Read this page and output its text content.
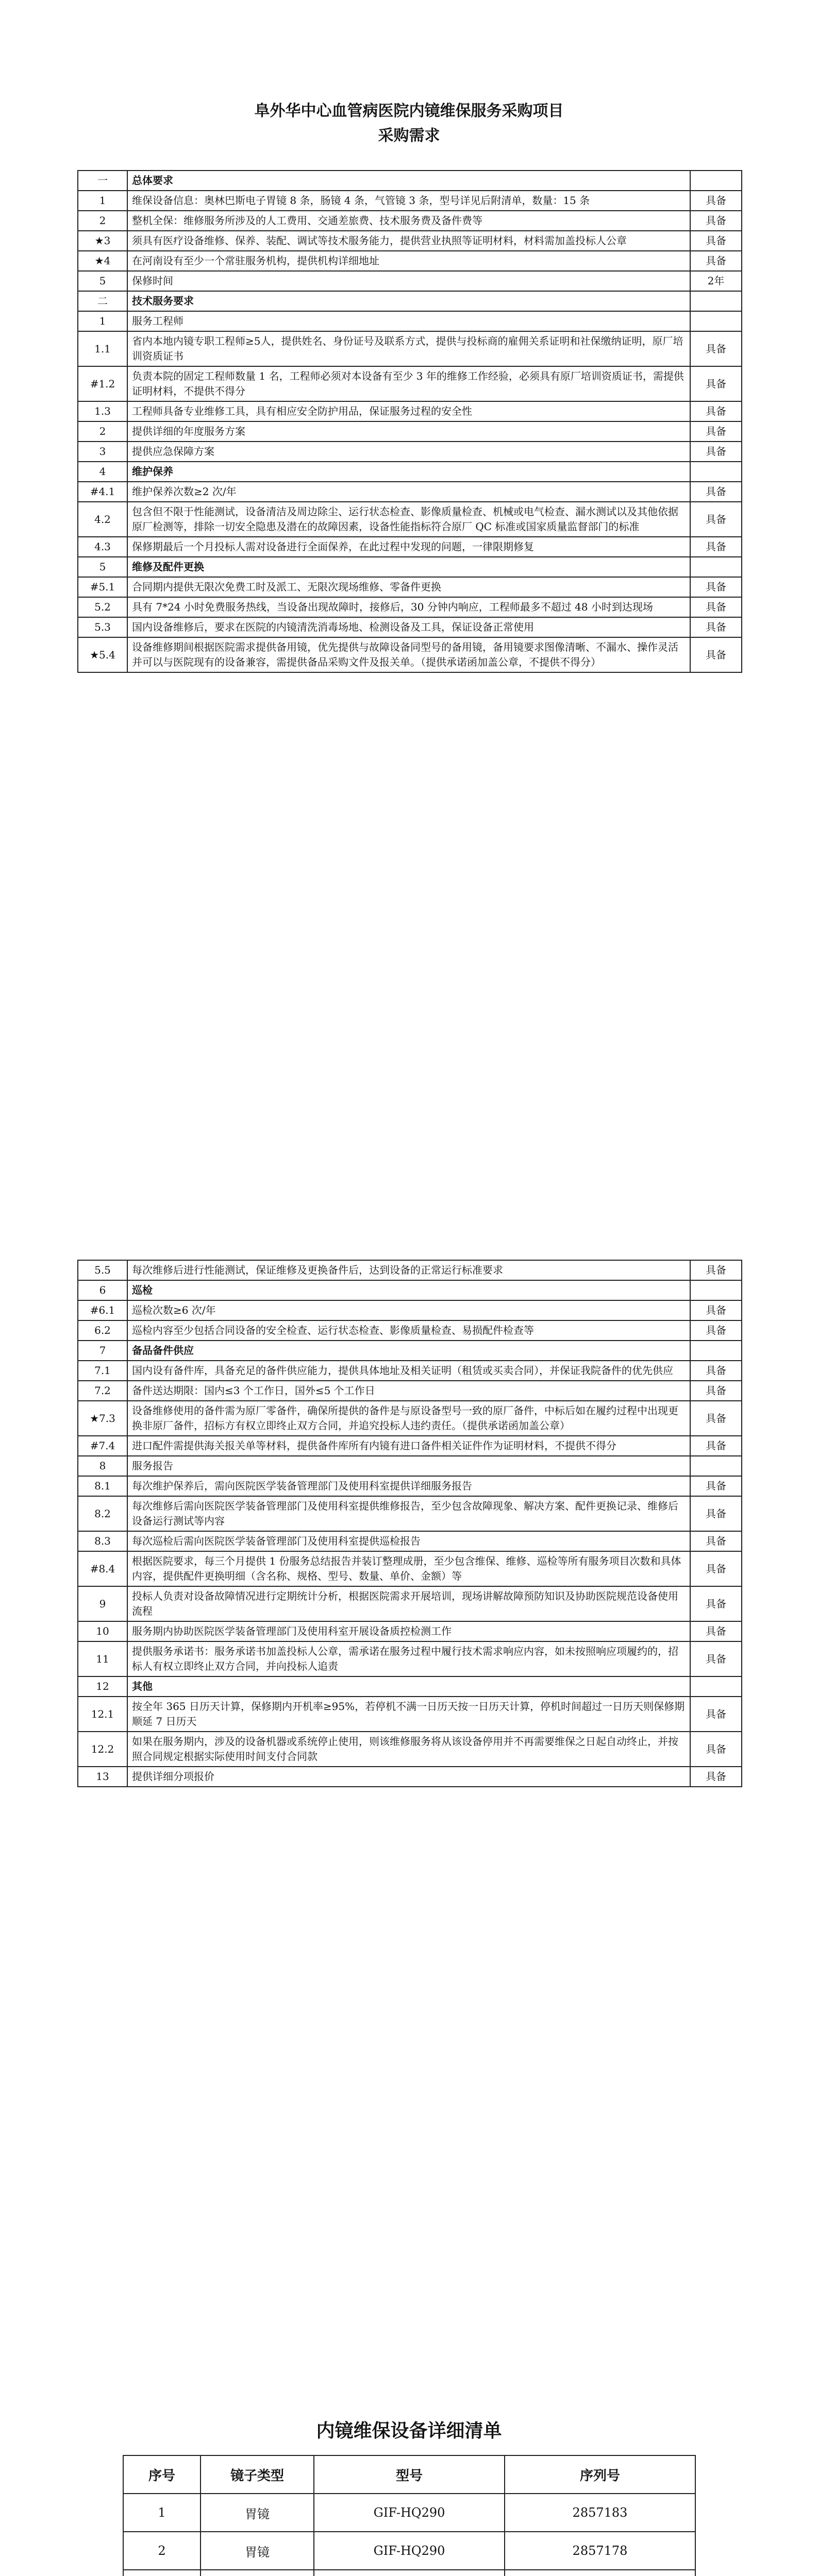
阜外华中心血管病医院内镜维保服务采购项目
采购需求
一	总体要求	
1	维保设备信息：奥林巴斯电子胃镜 8 条，肠镜 4 条，气管镜 3 条，型号详见后附清单，数量：15 条	具备
2	整机全保：维修服务所涉及的人工费用、交通差旅费、技术服务费及备件费等	具备
★3	须具有医疗设备维修、保养、装配、调试等技术服务能力，提供营业执照等证明材料，材料需加盖投标人公章	具备
★4	在河南设有至少一个常驻服务机构，提供机构详细地址	具备
5	保修时间	2年
二	技术服务要求	
1	服务工程师	
1.1	省内本地内镜专职工程师≥5人，提供姓名、身份证号及联系方式，提供与投标商的雇佣关系证明和社保缴纳证明，原厂培训资质证书	具备
#1.2	负责本院的固定工程师数量 1 名，工程师必须对本设备有至少 3 年的维修工作经验，必须具有原厂培训资质证书，需提供证明材料，不提供不得分	具备
1.3	工程师具备专业维修工具，具有相应安全防护用品，保证服务过程的安全性	具备
2	提供详细的年度服务方案	具备
3	提供应急保障方案	具备
4	维护保养	
#4.1	维护保养次数≥2 次/年	具备
4.2	包含但不限于性能测试，设备清洁及周边除尘、运行状态检查、影像质量检查、机械或电气检查、漏水测试以及其他依据原厂检测等，排除一切安全隐患及潜在的故障因素，设备性能指标符合原厂 QC 标准或国家质量监督部门的标准	具备
4.3	保修期最后一个月投标人需对设备进行全面保养，在此过程中发现的问题，一律限期修复	具备
5	维修及配件更换	
#5.1	合同期内提供无限次免费工时及派工、无限次现场维修、零备件更换	具备
5.2	具有 7*24 小时免费服务热线，当设备出现故障时，接修后，30 分钟内响应，工程师最多不超过 48 小时到达现场	具备
5.3	国内设备维修后，要求在医院的内镜清洗消毒场地、检测设备及工具，保证设备正常使用	具备
★5.4	设备维修期间根据医院需求提供备用镜，优先提供与故障设备同型号的备用镜，备用镜要求图像清晰、不漏水、操作灵活并可以与医院现有的设备兼容，需提供备品采购文件及报关单。（提供承诺函加盖公章，不提供不得分）	具备
5.5	每次维修后进行性能测试，保证维修及更换备件后，达到设备的正常运行标准要求	具备
6	巡检	
#6.1	巡检次数≥6 次/年	具备
6.2	巡检内容至少包括合同设备的安全检查、运行状态检查、影像质量检查、易损配件检查等	具备
7	备品备件供应	
7.1	国内设有备件库，具备充足的备件供应能力，提供具体地址及相关证明（租赁或买卖合同），并保证我院备件的优先供应	具备
7.2	备件送达期限：国内≤3 个工作日，国外≤5 个工作日	具备
★7.3	设备维修使用的备件需为原厂零备件，确保所提供的备件是与原设备型号一致的原厂备件，中标后如在履约过程中出现更换非原厂备件，招标方有权立即终止双方合同，并追究投标人违约责任。（提供承诺函加盖公章）	具备
#7.4	进口配件需提供海关报关单等材料，提供备件库所有内镜有进口备件相关证件作为证明材料，不提供不得分	具备
8	服务报告	
8.1	每次维护保养后，需向医院医学装备管理部门及使用科室提供详细服务报告	具备
8.2	每次维修后需向医院医学装备管理部门及使用科室提供维修报告，至少包含故障现象、解决方案、配件更换记录、维修后设备运行测试等内容	具备
8.3	每次巡检后需向医院医学装备管理部门及使用科室提供巡检报告	具备
#8.4	根据医院要求，每三个月提供 1 份服务总结报告并装订整理成册，至少包含维保、维修、巡检等所有服务项目次数和具体内容，提供配件更换明细（含名称、规格、型号、数量、单价、金额）等	具备
9	投标人负责对设备故障情况进行定期统计分析，根据医院需求开展培训，现场讲解故障预防知识及协助医院规范设备使用流程	具备
10	服务期内协助医院医学装备管理部门及使用科室开展设备质控检测工作	具备
11	提供服务承诺书：服务承诺书加盖投标人公章，需承诺在服务过程中履行技术需求响应内容，如未按照响应项履约的，招标人有权立即终止双方合同，并向投标人追责	具备
12	其他	
12.1	按全年 365 日历天计算，保修期内开机率≥95%，若停机不满一日历天按一日历天计算，停机时间超过一日历天则保修期顺延 7 日历天	具备
12.2	如果在服务期内，涉及的设备机器或系统停止使用，则该维修服务将从该设备停用并不再需要维保之日起自动终止，并按照合同规定根据实际使用时间支付合同款	具备
13	提供详细分项报价	具备
内镜维保设备详细清单
序号	镜子类型	型号	序列号
1	胃镜	GIF-HQ290	2857183
2	胃镜	GIF-HQ290	2857178
